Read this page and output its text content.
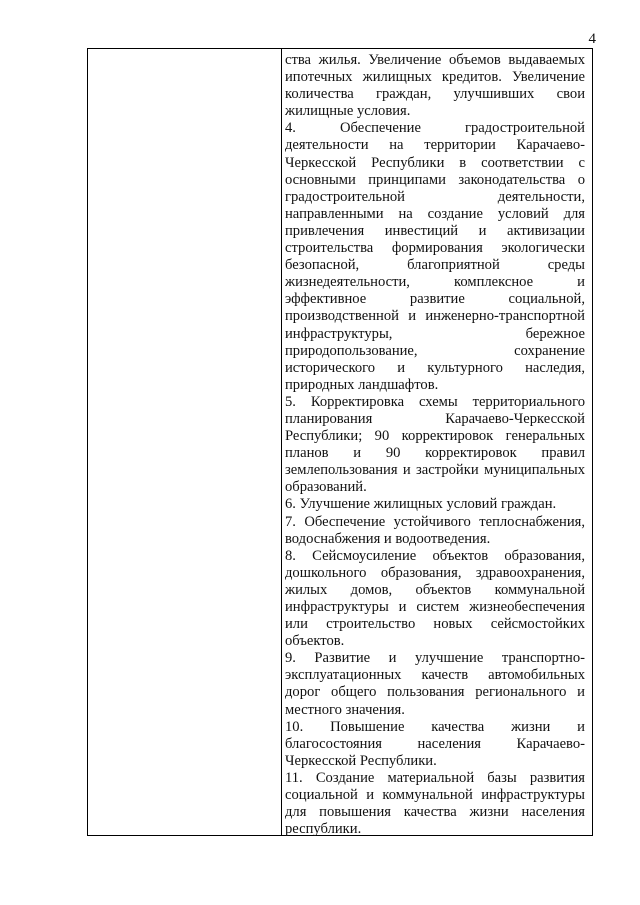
4

ства жилья. Увеличение объемов выдаваемых ипотечных жилищных кредитов. Увеличение количества граждан, улучшивших свои жилищные условия.

4. Обеспечение градостроительной деятельности на территории Карачаево-Черкесской Республики в соответствии с основными принципами законодательства о градостроительной деятельности, направленными на создание условий для привлечения инвестиций и активизации строительства формирования экологически безопасной, благоприятной среды жизнедеятельности, комплексное и эффективное развитие социальной, производственной и инженерно-транспортной инфраструктуры, бережное природопользование, сохранение исторического и культурного наследия, природных ландшафтов.

5. Корректировка схемы территориального планирования Карачаево-Черкесской Республики; 90 корректировок генеральных планов и 90 корректировок правил землепользования и застройки муниципальных образований.

6. Улучшение жилищных условий граждан.

7. Обеспечение устойчивого теплоснабжения, водоснабжения и водоотведения.

8. Сейсмоусиление объектов образования, дошкольного образования, здравоохранения, жилых домов, объектов коммунальной инфраструктуры и систем жизнеобеспечения или строительство новых сейсмостойких объектов.

9. Развитие и улучшение транспортно-эксплуатационных качеств автомобильных дорог общего пользования регионального и местного значения.

10. Повышение качества жизни и благосостояния населения Карачаево-Черкесской Республики.

11. Создание материальной базы развития социальной и коммунальной инфраструктуры для повышения качества жизни населения республики.
